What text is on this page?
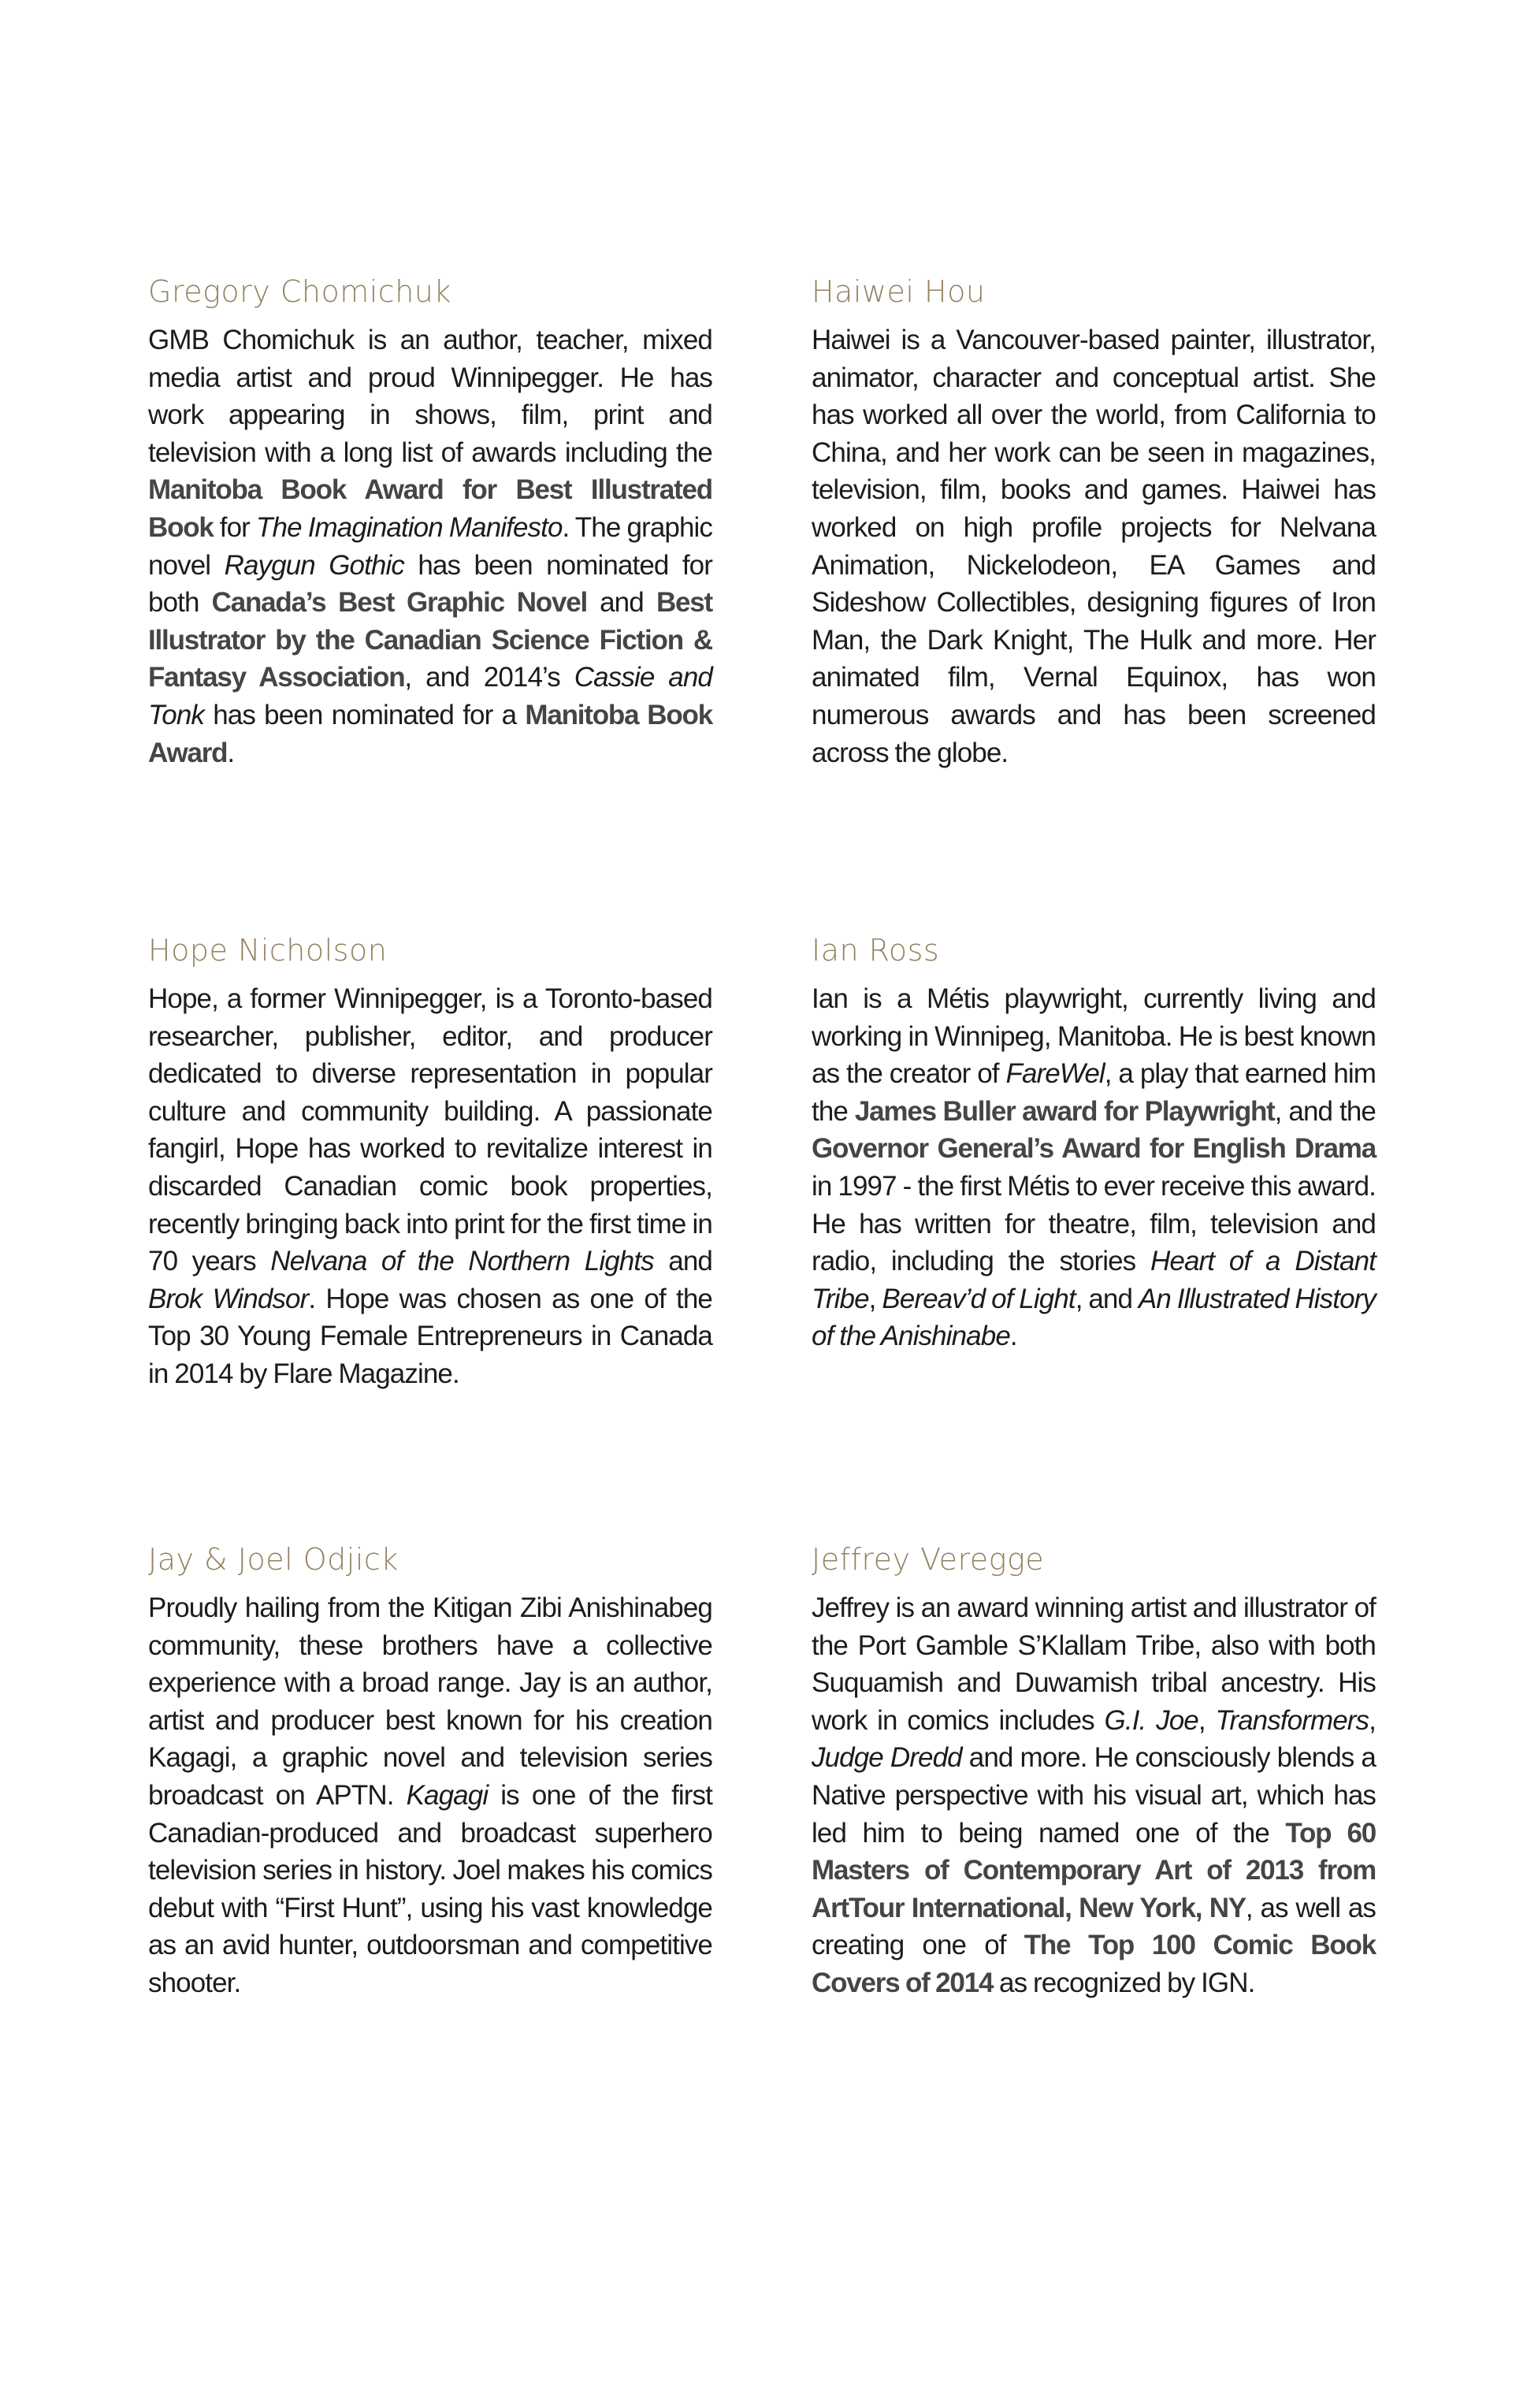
Gregory Chomichuk

GMB Chomichuk is an author, teacher, mixed media artist and proud Winnipegger. He has work appearing in shows, film, print and television with a long list of awards including the Manitoba Book Award for Best Illustrated Book for The Imagination Manifesto. The graphic novel Raygun Gothic has been nominated for both Canada’s Best Graphic Novel and Best Illustrator by the Canadian Science Fiction & Fantasy Association, and 2014’s Cassie and Tonk has been nominated for a Manitoba Book Award.

Haiwei Hou

Haiwei is a Vancouver-based painter, illustrator, animator, character and conceptual artist. She has worked all over the world, from California to China, and her work can be seen in magazines, television, film, books and games. Haiwei has worked on high profile projects for Nelvana Animation, Nickelodeon, EA Games and Sideshow Collectibles, designing figures of Iron Man, the Dark Knight, The Hulk and more. Her animated film, Vernal Equinox, has won numerous awards and has been screened across the globe.

Hope Nicholson

Hope, a former Winnipegger, is a Toronto-based researcher, publisher, editor, and producer dedicated to diverse representation in popular culture and community building. A passionate fangirl, Hope has worked to revitalize interest in discarded Canadian comic book properties, recently bringing back into print for the first time in 70 years Nelvana of the Northern Lights and Brok Windsor. Hope was chosen as one of the Top 30 Young Female Entrepreneurs in Canada in 2014 by Flare Magazine.

Ian Ross

Ian is a Métis playwright, currently living and working in Winnipeg, Manitoba. He is best known as the creator of FareWel, a play that earned him the James Buller award for Playwright, and the Governor General’s Award for English Drama in 1997 - the first Métis to ever receive this award. He has written for theatre, film, television and radio, including the stories Heart of a Distant Tribe, Bereav’d of Light, and An Illustrated History of the Anishinabe.

Jay & Joel Odjick

Proudly hailing from the Kitigan Zibi Anishinabeg community, these brothers have a collective experience with a broad range. Jay is an author, artist and producer best known for his creation Kagagi, a graphic novel and television series broadcast on APTN. Kagagi is one of the first Canadian-produced and broadcast superhero television series in history. Joel makes his comics debut with “First Hunt”, using his vast knowledge as an avid hunter, outdoorsman and competitive shooter.

Jeffrey Veregge

Jeffrey is an award winning artist and illustrator of the Port Gamble S’Klallam Tribe, also with both Suquamish and Duwamish tribal ancestry. His work in comics includes G.I. Joe, Transformers, Judge Dredd and more. He consciously blends a Native perspective with his visual art, which has led him to being named one of the Top 60 Masters of Contemporary Art of 2013 from ArtTour International, New York, NY, as well as creating one of The Top 100 Comic Book Covers of 2014 as recognized by IGN.
